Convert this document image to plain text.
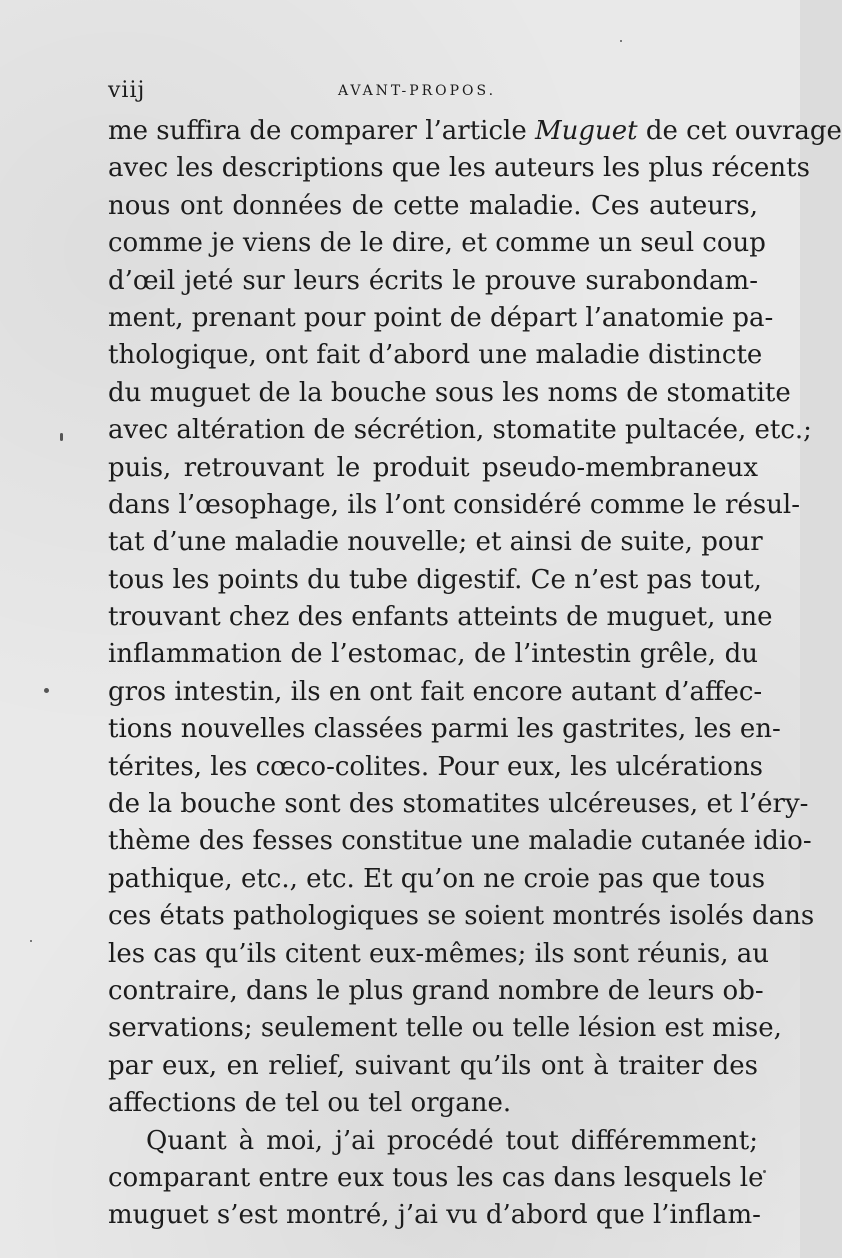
viij	AVANT-PROPOS.
me suffira de comparer l’article Muguet de cet ouvrage
avec les descriptions que les auteurs les plus récents
nous ont données de cette maladie. Ces auteurs,
comme je viens de le dire, et comme un seul coup
d’œil jeté sur leurs écrits le prouve surabondam-
ment, prenant pour point de départ l’anatomie pa-
thologique, ont fait d’abord une maladie distincte
du muguet de la bouche sous les noms de stomatite
avec altération de sécrétion, stomatite pultacée, etc.;
puis, retrouvant le produit pseudo-membraneux
dans l’œsophage, ils l’ont considéré comme le résul-
tat d’une maladie nouvelle; et ainsi de suite, pour
tous les points du tube digestif. Ce n’est pas tout,
trouvant chez des enfants atteints de muguet, une
inflammation de l’estomac, de l’intestin grêle, du
gros intestin, ils en ont fait encore autant d’affec-
tions nouvelles classées parmi les gastrites, les en-
térites, les cœco-colites. Pour eux, les ulcérations
de la bouche sont des stomatites ulcéreuses, et l’éry-
thème des fesses constitue une maladie cutanée idio-
pathique, etc., etc. Et qu’on ne croie pas que tous
ces états pathologiques se soient montrés isolés dans
les cas qu’ils citent eux-mêmes; ils sont réunis, au
contraire, dans le plus grand nombre de leurs ob-
servations; seulement telle ou telle lésion est mise,
par eux, en relief, suivant qu’ils ont à traiter des
affections de tel ou tel organe.
Quant à moi, j’ai procédé tout différemment;
comparant entre eux tous les cas dans lesquels le
muguet s’est montré, j’ai vu d’abord que l’inflam-
